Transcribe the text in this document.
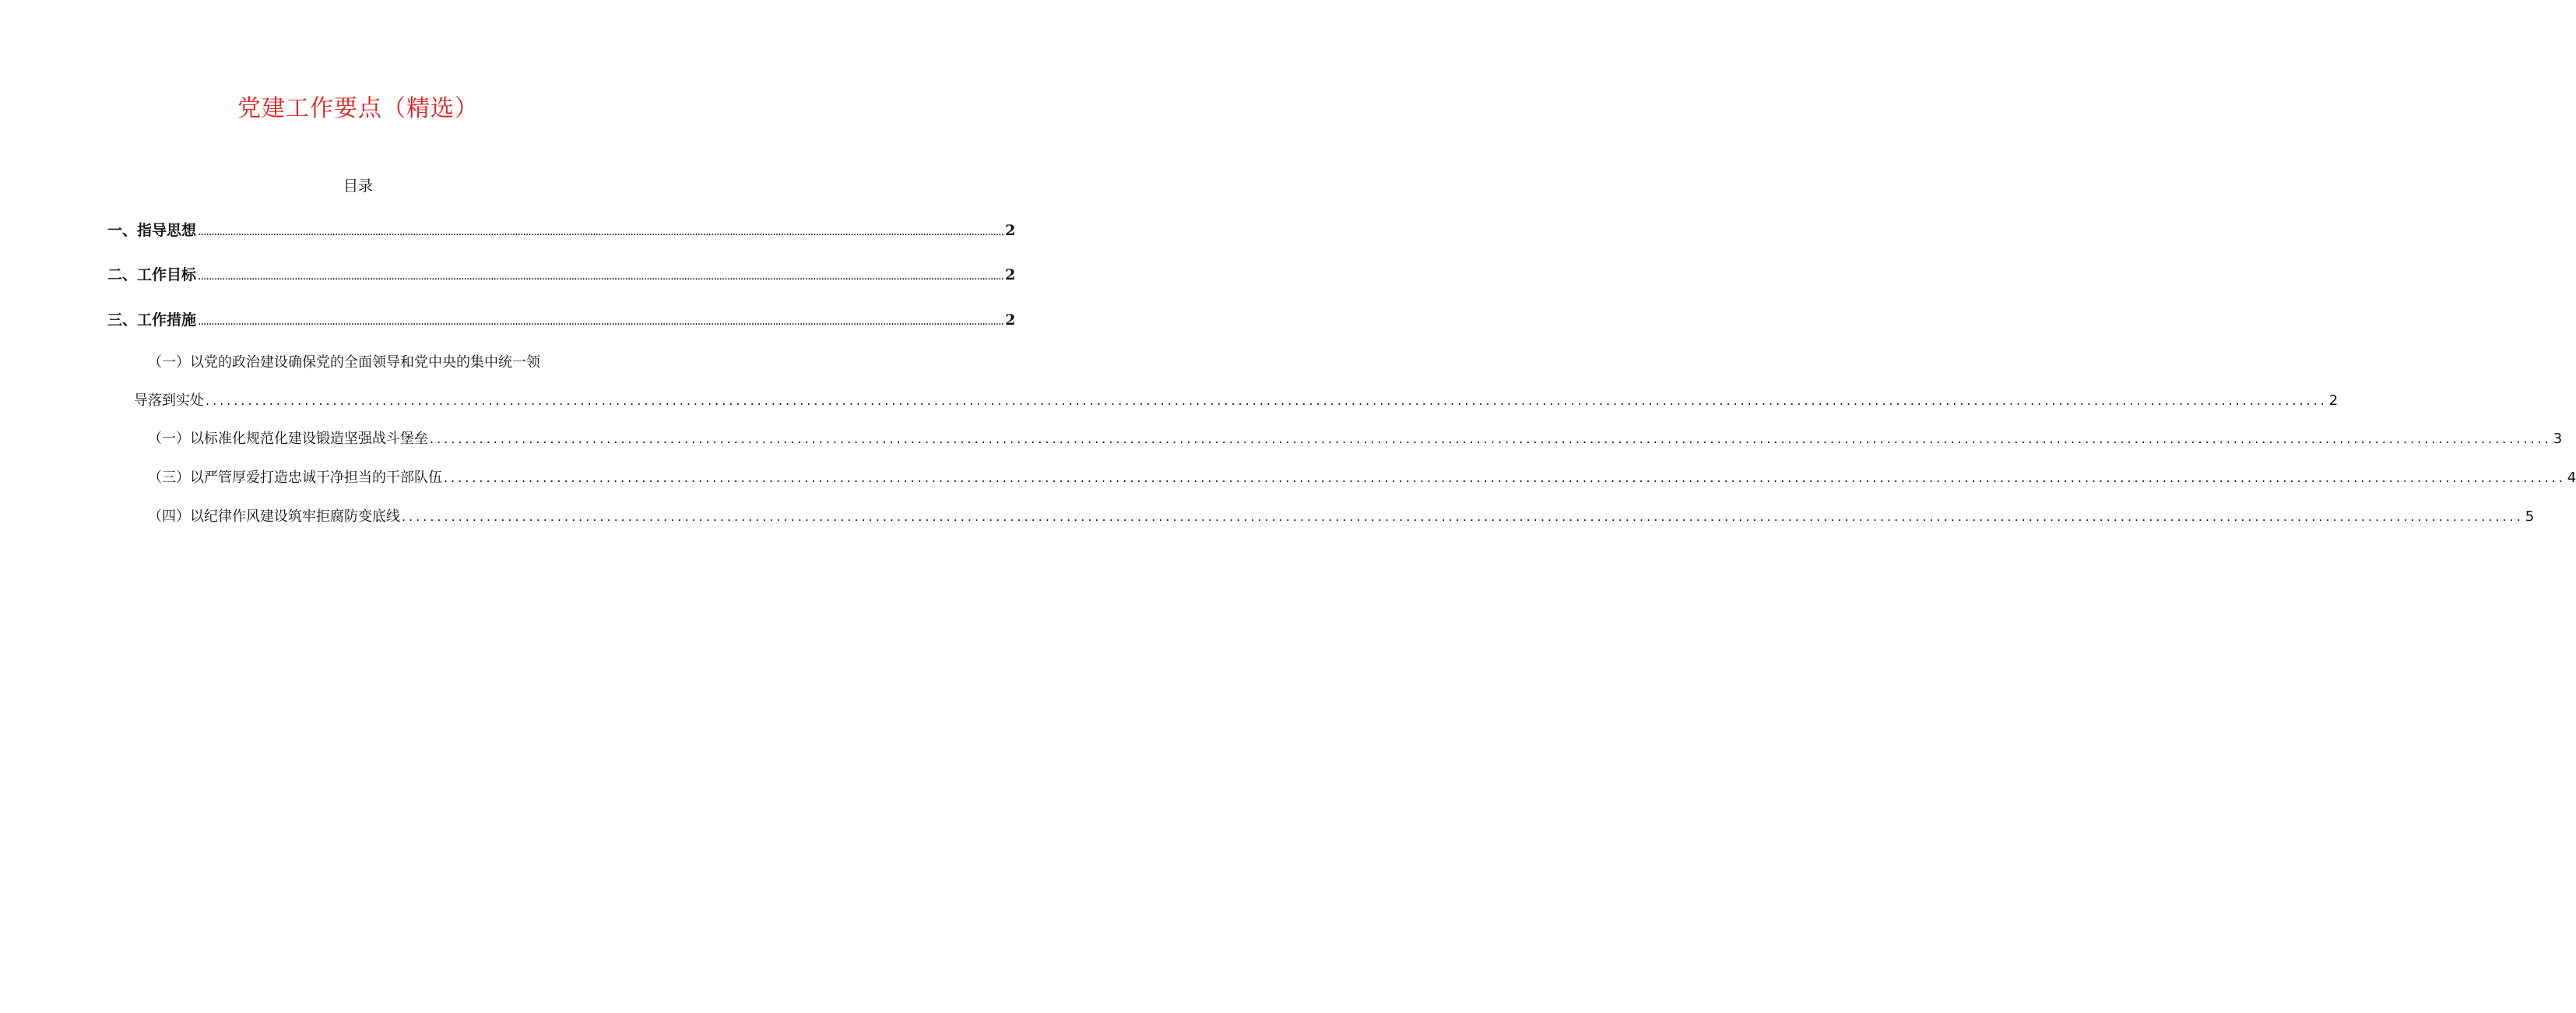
党建工作要点（精选）
目录
一、指导思想 ............................................................................................................................................................................................................................................................................................................ 2
二、工作目标 ............................................................................................................................................................................................................................................................................................................ 2
三、工作措施 ............................................................................................................................................................................................................................................................................................................ 2
（一）以党的政治建设确保党的全面领导和党中央的集中统一领
导落到实处 ............................................................................................................................................................................................................................................................................................................ 2
（一）以标准化规范化建设锻造坚强战斗堡垒 ............................................................................................................................................................................................................................................................................................................ 3
（三）以严管厚爱打造忠诚干净担当的干部队伍 ............................................................................................................................................................................................................................................................................................................ 4
（四）以纪律作风建设筑牢拒腐防变底线 ............................................................................................................................................................................................................................................................................................................ 5
